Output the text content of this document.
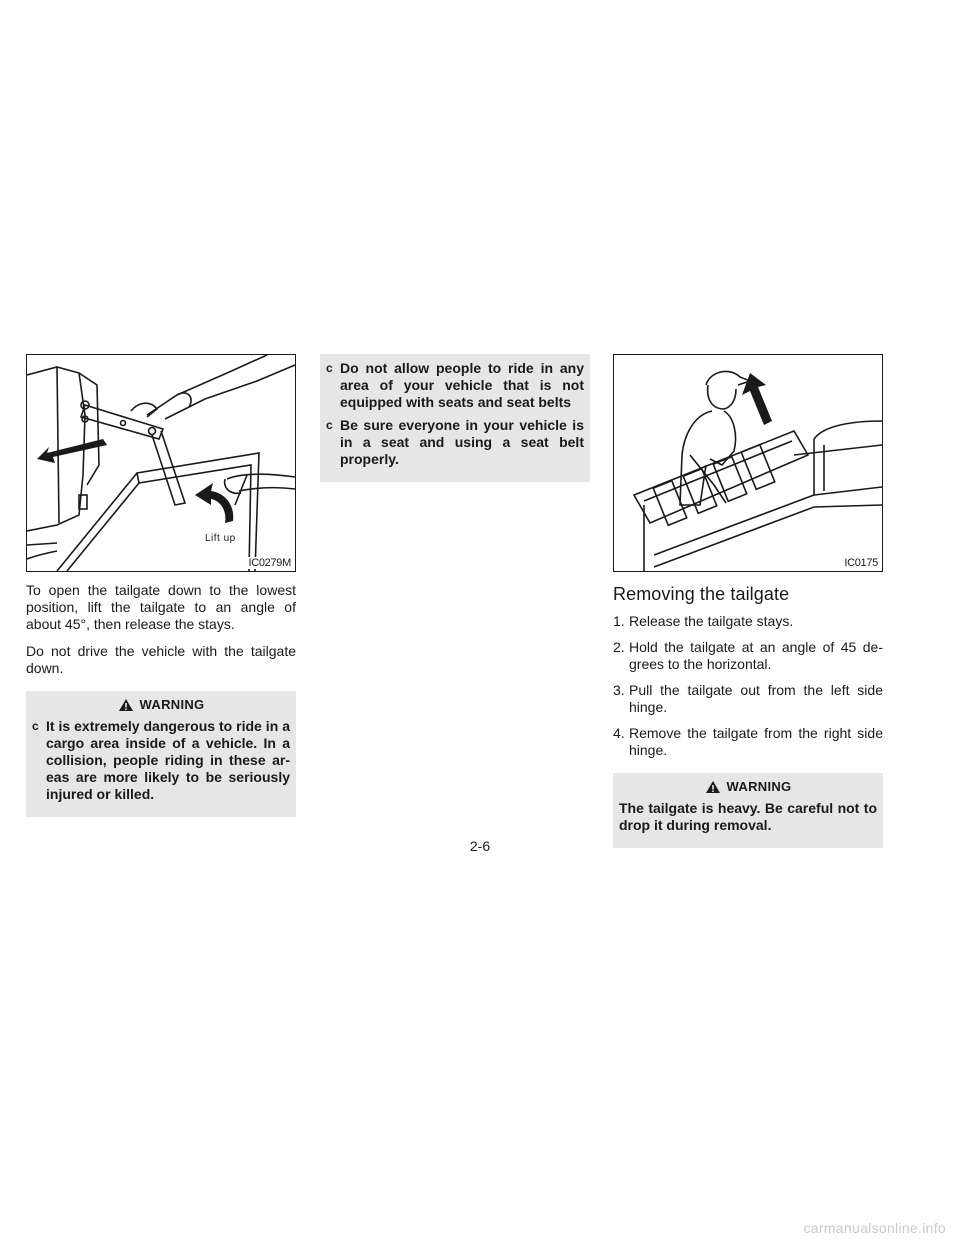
Lift up
IC0279M

To open the tailgate down to the lowest position, lift the tailgate to an angle of about 45°, then release the stays.

Do not drive the vehicle with the tailgate down.

WARNING
c It is extremely dangerous to ride in a cargo area inside of a vehicle. In a collision, people riding in these ar-eas are more likely to be seriously injured or killed.
c Do not allow people to ride in any area of your vehicle that is not equipped with seats and seat belts
c Be sure everyone in your vehicle is in a seat and using a seat belt properly.
IC0175
Removing the tailgate
1. Release the tailgate stays.
2. Hold the tailgate at an angle of 45 de-grees to the horizontal.
3. Pull the tailgate out from the left side hinge.
4. Remove the tailgate from the right side hinge.
WARNING
The tailgate is heavy. Be careful not to drop it during removal.
2-6
carmanualsonline.info
